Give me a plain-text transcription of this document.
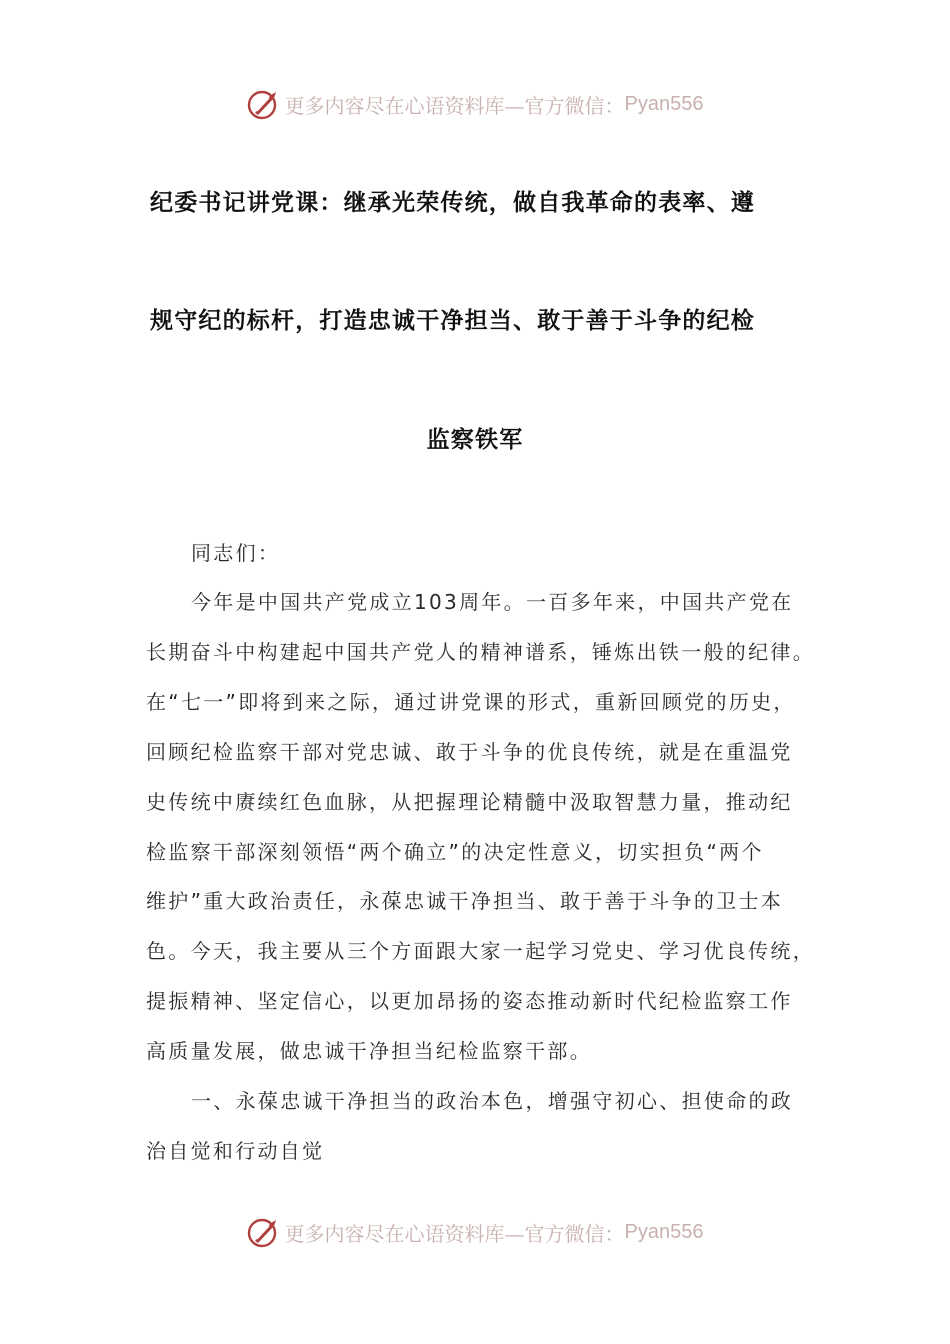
更多内容尽在心语资料库—官方微信： Pyan556
纪委书记讲党课：继承光荣传统，做自我革命的表率、遵
规守纪的标杆，打造忠诚干净担当、敢于善于斗争的纪检
监察铁军
同志们：
今年是中国共产党成立103周年。一百多年来，中国共产党在
长期奋斗中构建起中国共产党人的精神谱系，锤炼出铁一般的纪律。
在“七一”即将到来之际，通过讲党课的形式，重新回顾党的历史，
回顾纪检监察干部对党忠诚、敢于斗争的优良传统，就是在重温党
史传统中赓续红色血脉，从把握理论精髓中汲取智慧力量，推动纪
检监察干部深刻领悟“两个确立”的决定性意义，切实担负“两个
维护”重大政治责任，永葆忠诚干净担当、敢于善于斗争的卫士本
色。今天，我主要从三个方面跟大家一起学习党史、学习优良传统，
提振精神、坚定信心，以更加昂扬的姿态推动新时代纪检监察工作
高质量发展，做忠诚干净担当纪检监察干部。
一、永葆忠诚干净担当的政治本色，增强守初心、担使命的政
治自觉和行动自觉
更多内容尽在心语资料库—官方微信： Pyan556
